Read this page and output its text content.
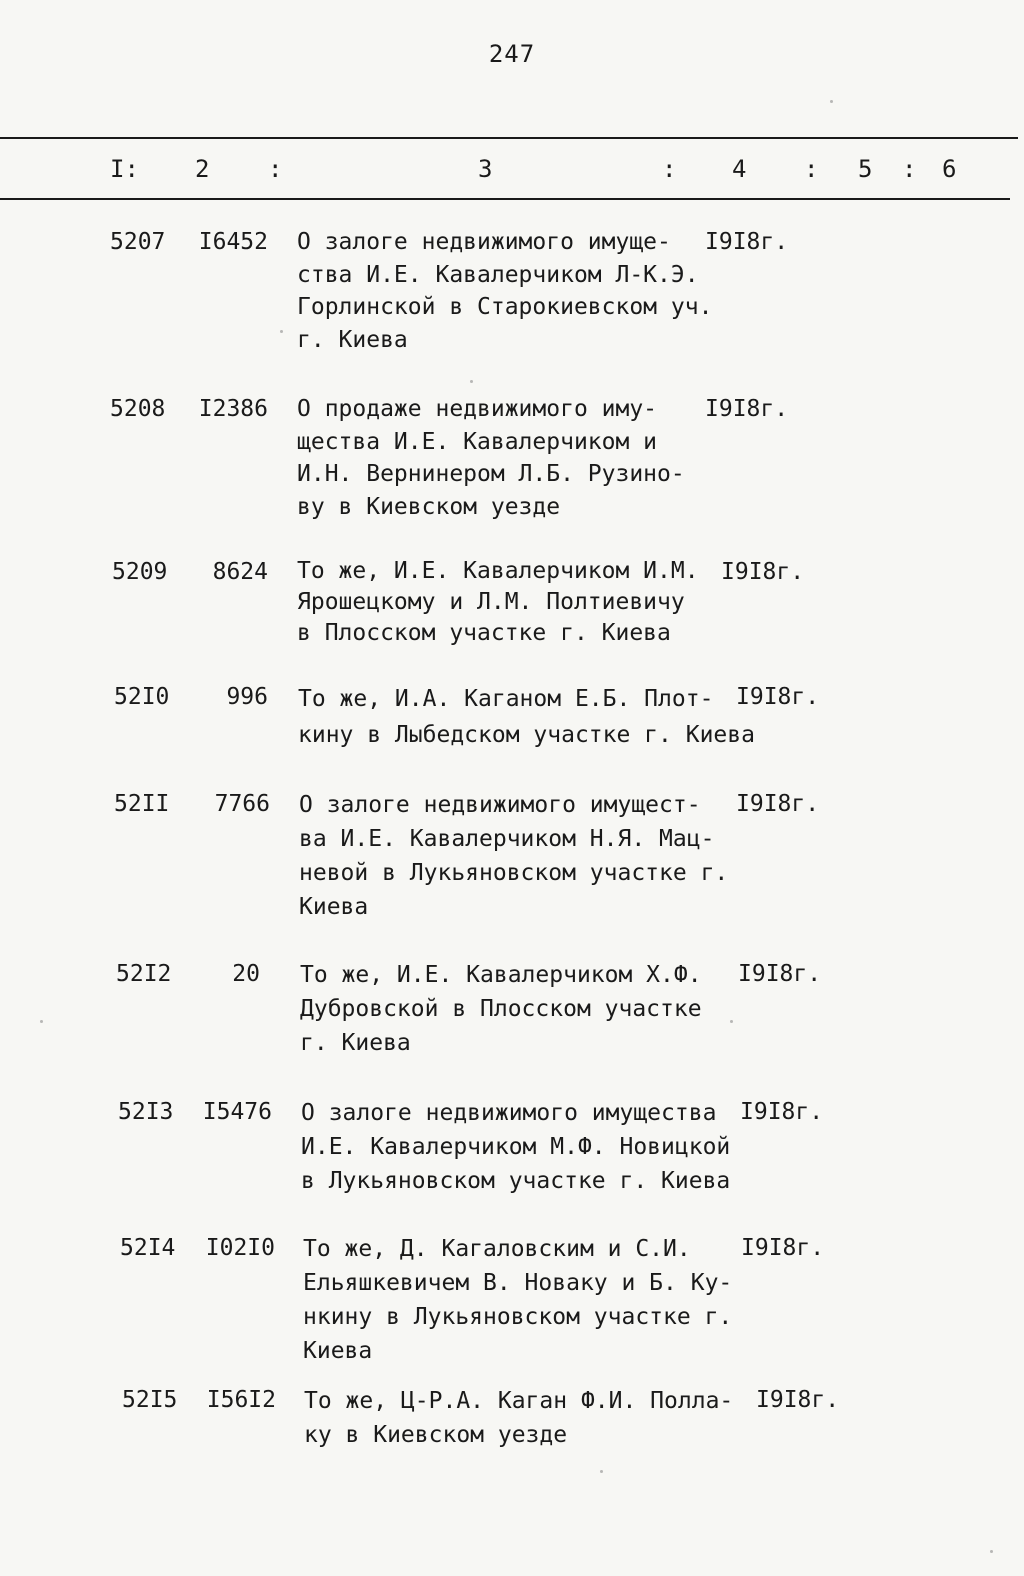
247
I: 2 :	3	: 4 : 5 : 6
5207	I6452 О залоге недвижимого имуще-
ства И.Е. Кавалерчиком Л-К.Э.
Горлинской в Старокиевском уч.
г. Киева
I9I8г.
5208	I2386 О продаже недвижимого иму-
щества И.Е. Кавалерчиком и
И.Н. Вернинером Л.Б. Рузино-
ву в Киевском уезде
I9I8г.
5209	8624 То же, И.Е. Кавалерчиком И.М.
Ярошецкому и Л.М. Полтиевичу
в Плосском участке г. Киева
I9I8г.
52I0	996 То же, И.А. Каганом Е.Б. Плот-
кину в Лыбедском участке г. Киева
I9I8г.
52II	7766 О залоге недвижимого имущест-
ва И.Е. Кавалерчиком Н.Я. Мац-
невой в Лукьяновском участке г.
Киева
I9I8г.
52I2	20 То же, И.Е. Кавалерчиком Х.Ф.
Дубровской в Плосском участке
г. Киева
I9I8г.
52I3	I5476 О залоге недвижимого имущества
И.Е. Кавалерчиком М.Ф. Новицкой
в Лукьяновском участке г. Киева
I9I8г.
52I4	I02I0 То же, Д. Кагаловским и С.И.
Ельяшкевичем В. Новаку и Б. Ку-
нкину в Лукьяновском участке г.
Киева
I9I8г.
52I5	I56I2 То же, Ц-Р.А. Каган Ф.И. Полла-
ку в Киевском уезде
I9I8г.
